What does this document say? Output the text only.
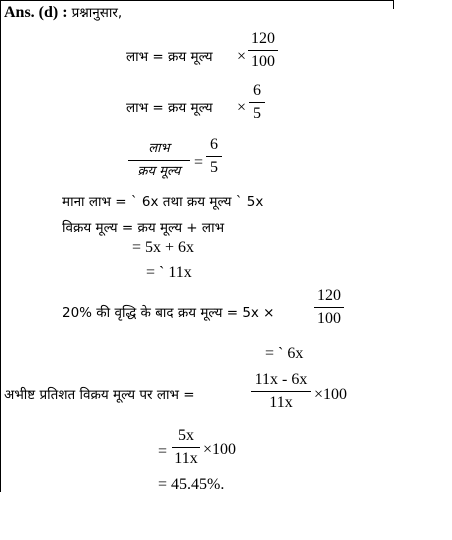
Ans. (d) : प्रश्नानुसार,
लाभ = क्रय मूल्य ×
120
100
लाभ = क्रय मूल्य ×
6
5
लाभ
क्रय मूल्य
=
6
5
माना लाभ = ` 6x तथा क्रय मूल्य ` 5x
विक्रय मूल्य = क्रय मूल्य + लाभ
= 5x + 6x
= ` 11x
20% की वृद्धि के बाद क्रय मूल्य = 5x ×
120
100
= ` 6x
अभीष्ट प्रतिशत विक्रय मूल्य पर लाभ =
11x - 6x
11x	×100
=
5x
11x
×100
= 45.45%.
